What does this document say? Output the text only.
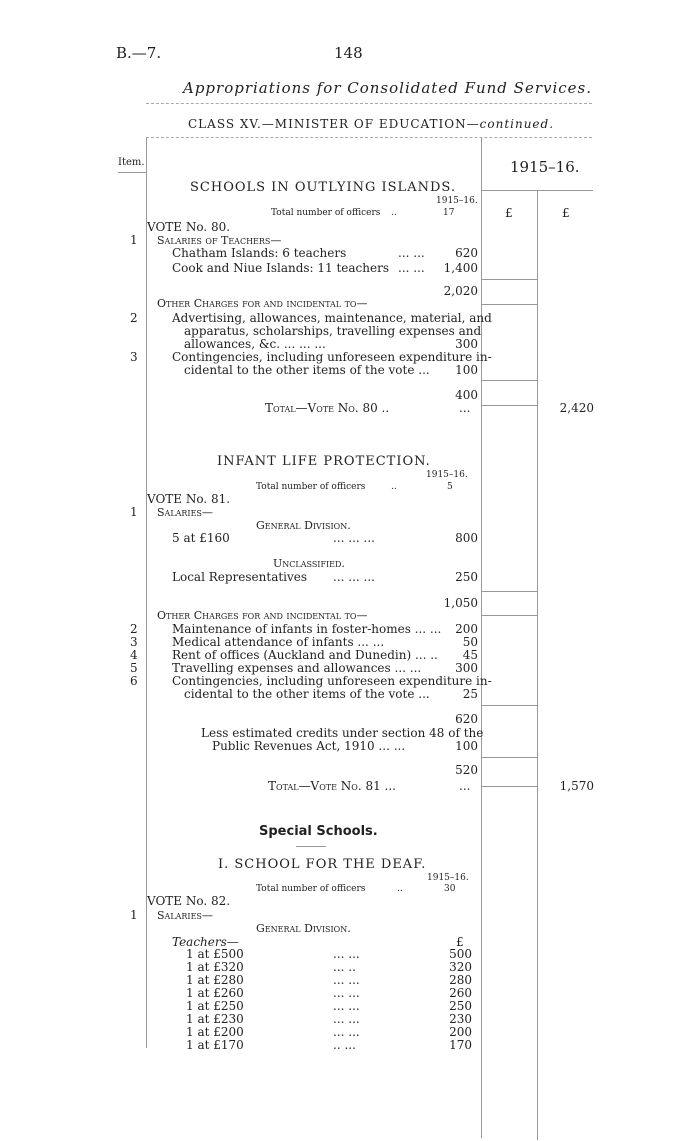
B.—7.	148
Appropriations for Consolidated Fund Services.
CLASS XV.—MINISTER OF EDUCATION—continued.
Item.	1915–16.
£	£
SCHOOLS IN OUTLYING ISLANDS.
1915–16.
Total number of officers ..	17
VOTE No. 80.
1 Salaries of Teachers—
Chatham Islands: 6 teachers	... ...	620
Cook and Niue Islands: 11 teachers ... ...	1,400
2,020
Other Charges for and incidental to—
2	Advertising, allowances, maintenance, material, and
apparatus, scholarships, travelling expenses and
allowances, &c. ... ... ...	300
3	Contingencies, including unforeseen expenditure in-
cidental to the other items of the vote ...	100
400
Total—Vote No. 80 ..	...	2,420
INFANT LIFE PROTECTION.
1915–16.
Total number of officers	..	5
VOTE No. 81.
1 Salaries—
General Division.
5 at £160	... ... ...	800
Unclassified.
Local Representatives ... ... ...	250
1,050
Other Charges for and incidental to—
2	Maintenance of infants in foster-homes ... ...	200
3	Medical attendance of infants ... ...	50
4	Rent of offices (Auckland and Dunedin) ... ..	45
5	Travelling expenses and allowances ... ...	300
6	Contingencies, including unforeseen expenditure in-
cidental to the other items of the vote ...	25
620
Less estimated credits under section 48 of the
Public Revenues Act, 1910 ... ...	100
520
Total—Vote No. 81 ...	...	1,570
Special Schools.
I. SCHOOL FOR THE DEAF.
1915–16.
Total number of officers	..	30
VOTE No. 82.
1 Salaries—
General Division.
Teachers—	£
1 at £500	... ...	500
1 at £320	... ..	320
1 at £280	... ...	280
1 at £260	... ...	260
1 at £250	... ...	250
1 at £230	... ...	230
1 at £200	... ...	200
1 at £170	.. ...	170
